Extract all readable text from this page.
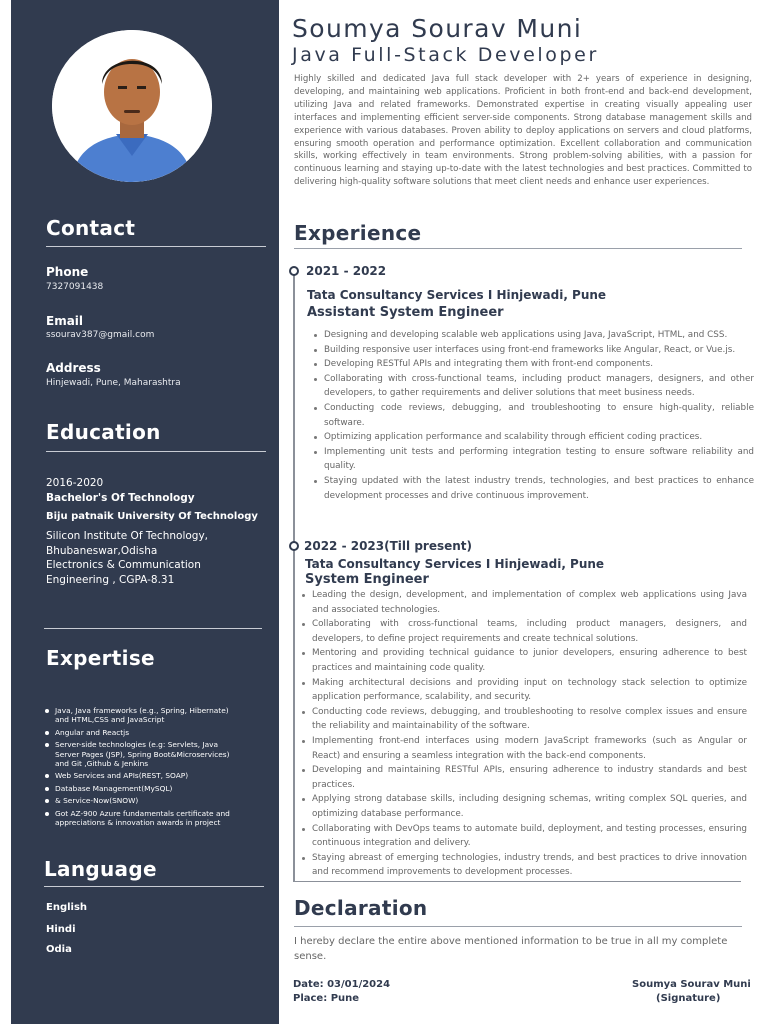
Contact
Phone
7327091438
Email
ssourav387@gmail.com
Address
Hinjewadi, Pune, Maharashtra
Education
2016-2020
Bachelor's Of Technology
Biju patnaik University Of Technology
Silicon Institute Of Technology,
Bhubaneswar,Odisha
Electronics & Communication
Engineering , CGPA-8.31
Expertise
Java, Java frameworks (e.g., Spring, Hibernate) and HTML,CSS and JavaScript
Angular and Reactjs
Server-side technologies (e.g: Servlets, Java Server Pages (JSP), Spring Boot&Microservices) and Git ,Github & Jenkins
Web Services and APIs(REST, SOAP)
Database Management(MySQL)
& Service-Now(SNOW)
Got AZ-900 Azure fundamentals certificate and appreciations & innovation awards in project
Language
English
Hindi
Odia
Soumya Sourav Muni
Java Full-Stack Developer
Highly skilled and dedicated Java full stack developer with 2+ years of experience in designing, developing, and maintaining web applications. Proficient in both front-end and back-end development, utilizing Java and related frameworks. Demonstrated expertise in creating visually appealing user interfaces and implementing efficient server-side components. Strong database management skills and experience with various databases. Proven ability to deploy applications on servers and cloud platforms, ensuring smooth operation and performance optimization. Excellent collaboration and communication skills, working effectively in team environments. Strong problem-solving abilities, with a passion for continuous learning and staying up-to-date with the latest technologies and best practices. Committed to delivering high-quality software solutions that meet client needs and enhance user experiences.
Experience
2021 - 2022
Tata Consultancy Services I Hinjewadi, Pune
Assistant System Engineer
Designing and developing scalable web applications using Java, JavaScript, HTML, and CSS.
Building responsive user interfaces using front-end frameworks like Angular, React, or Vue.js.
Developing RESTful APIs and integrating them with front-end components.
Collaborating with cross-functional teams, including product managers, designers, and other developers, to gather requirements and deliver solutions that meet business needs.
Conducting code reviews, debugging, and troubleshooting to ensure high-quality, reliable software.
Optimizing application performance and scalability through efficient coding practices.
Implementing unit tests and performing integration testing to ensure software reliability and quality.
Staying updated with the latest industry trends, technologies, and best practices to enhance development processes and drive continuous improvement.
2022 - 2023(Till present)
Tata Consultancy Services I Hinjewadi, Pune
System Engineer
Leading the design, development, and implementation of complex web applications using Java and associated technologies.
Collaborating with cross-functional teams, including product managers, designers, and developers, to define project requirements and create technical solutions.
Mentoring and providing technical guidance to junior developers, ensuring adherence to best practices and maintaining code quality.
Making architectural decisions and providing input on technology stack selection to optimize application performance, scalability, and security.
Conducting code reviews, debugging, and troubleshooting to resolve complex issues and ensure the reliability and maintainability of the software.
Implementing front-end interfaces using modern JavaScript frameworks (such as Angular or React) and ensuring a seamless integration with the back-end components.
Developing and maintaining RESTful APIs, ensuring adherence to industry standards and best practices.
Applying strong database skills, including designing schemas, writing complex SQL queries, and optimizing database performance.
Collaborating with DevOps teams to automate build, deployment, and testing processes, ensuring continuous integration and delivery.
Staying abreast of emerging technologies, industry trends, and best practices to drive innovation and recommend improvements to development processes.
Declaration
I hereby declare the entire above mentioned information to be true in all my complete sense.
Date: 03/01/2024
Place: Pune
Soumya Sourav Muni
(Signature)
